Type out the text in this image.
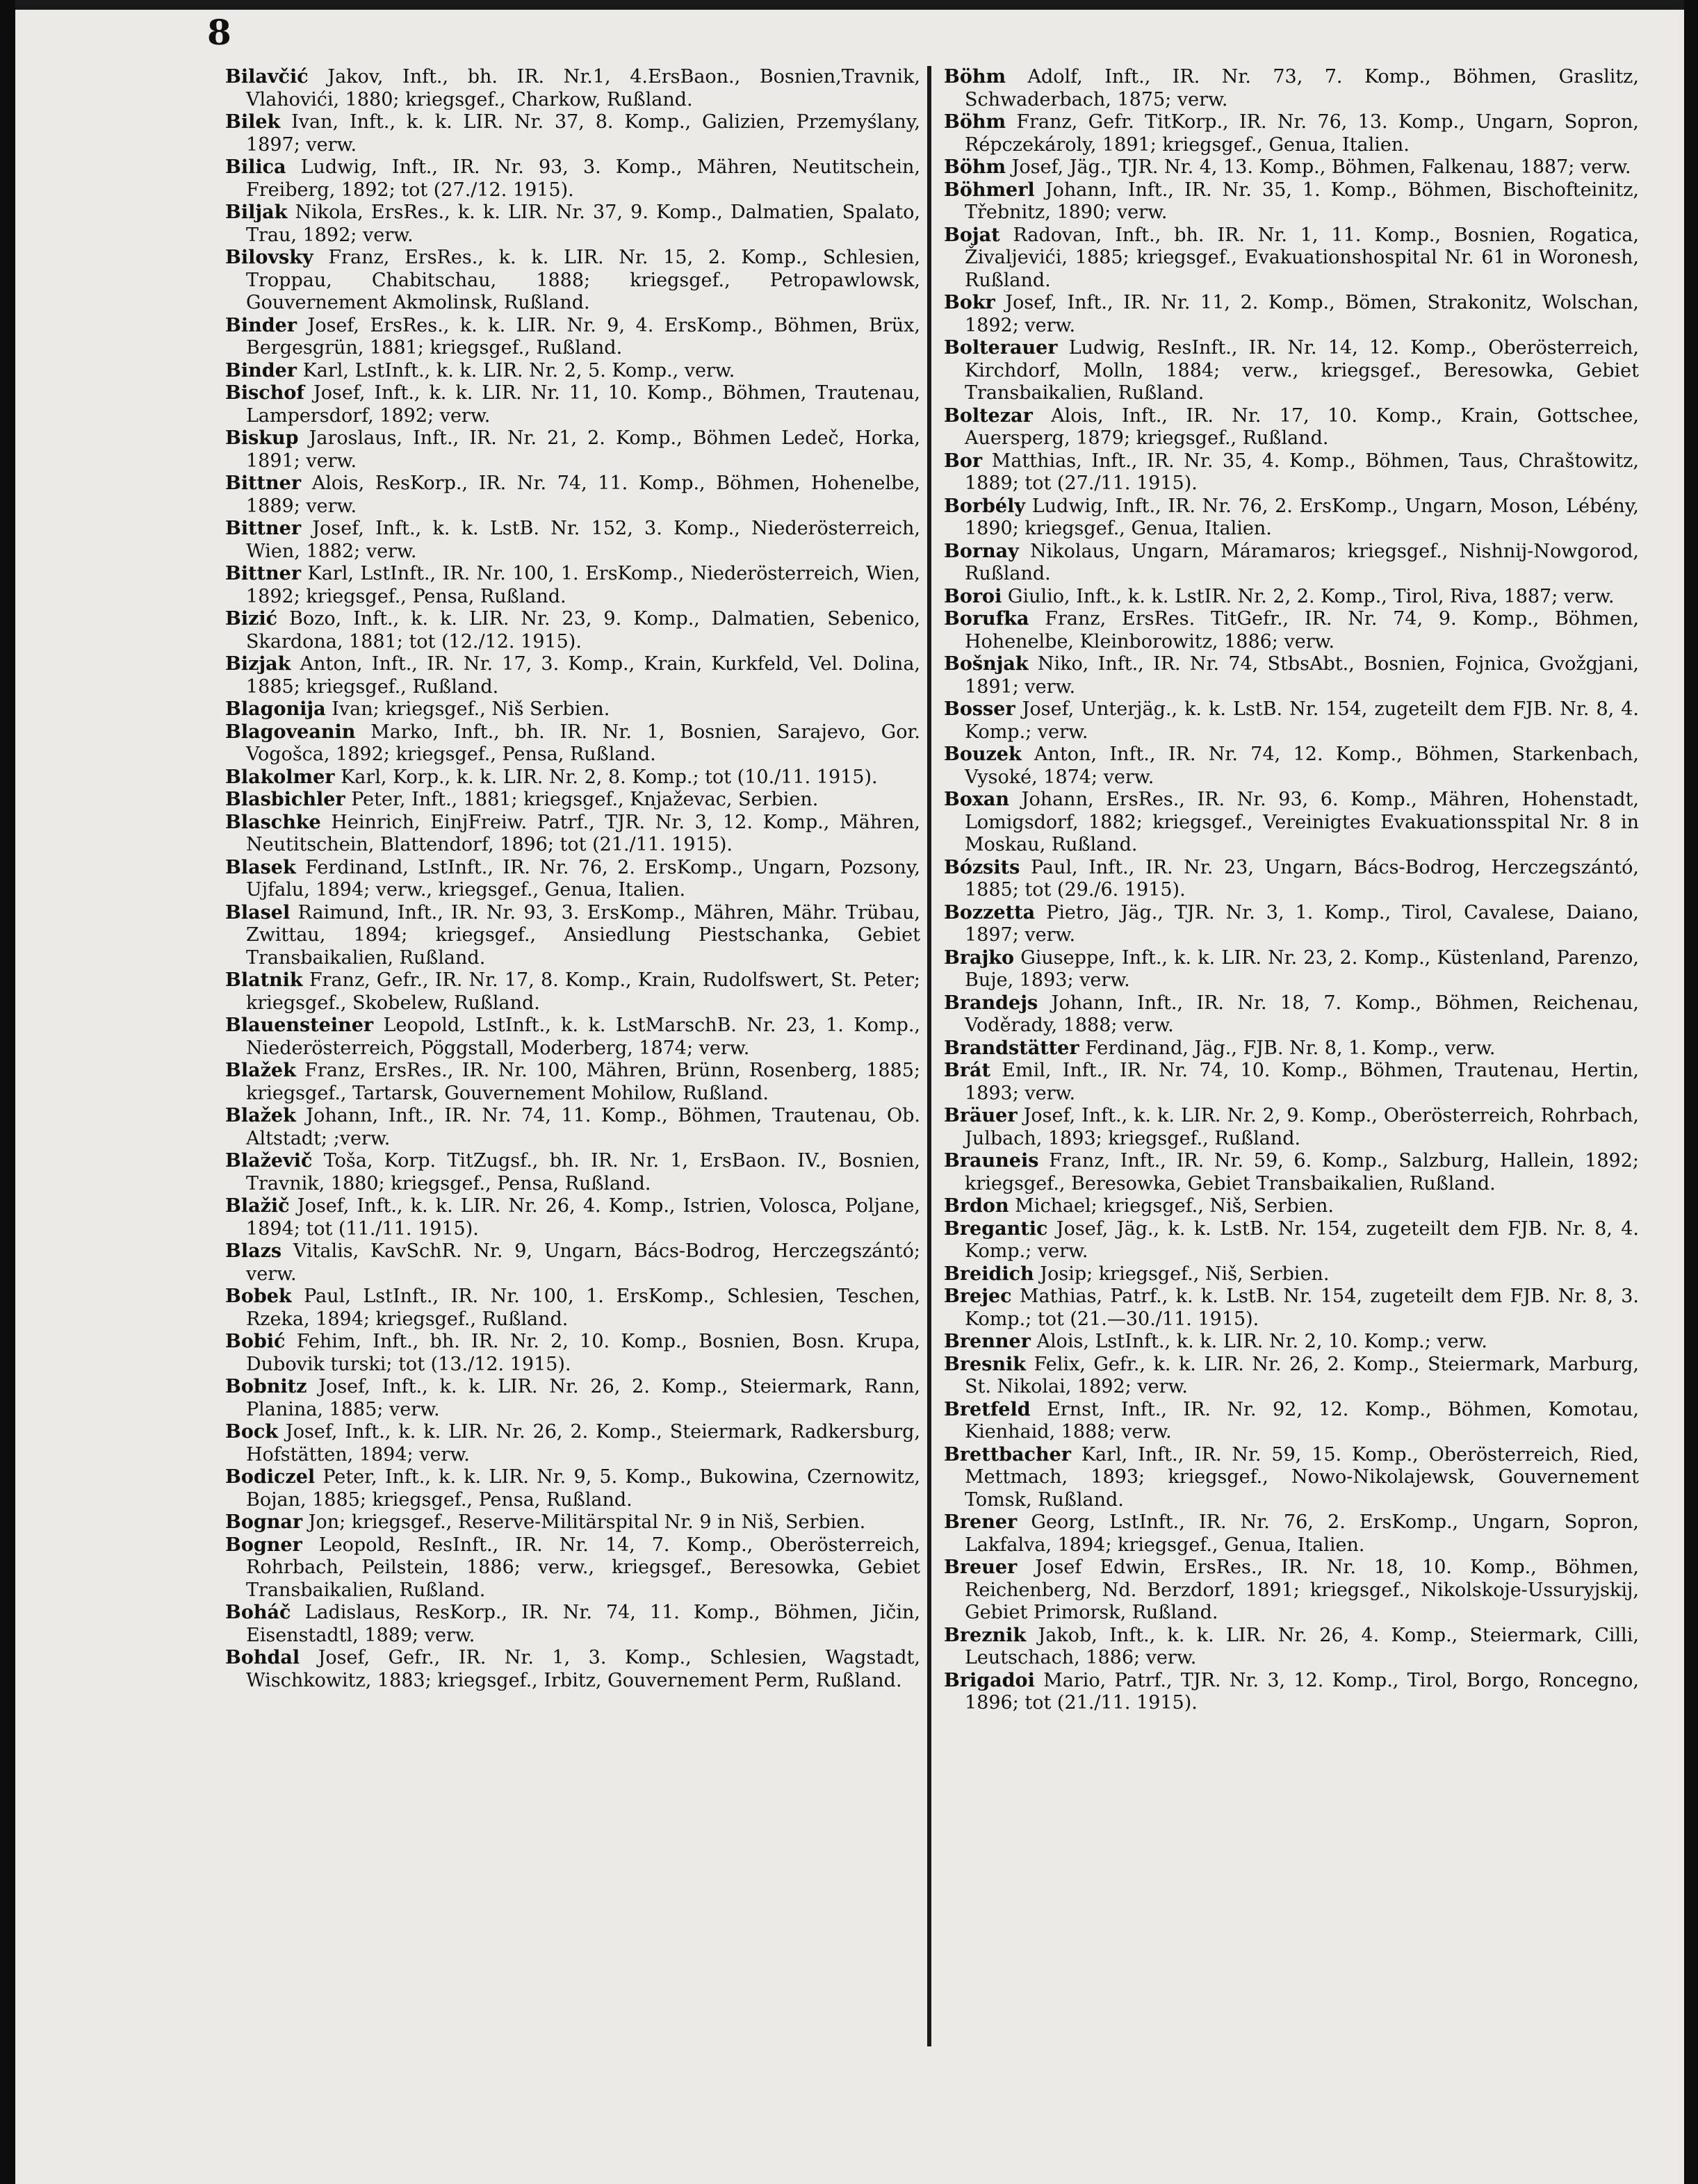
8

Bilavčić Jakov, Inft., bh. IR. Nr.1, 4.ErsBaon., Bosnien,Travnik, Vlahovići, 1880; kriegsgef., Charkow, Rußland.

Bilek Ivan, Inft., k. k. LIR. Nr. 37, 8. Komp., Galizien, Przemyślany, 1897; verw.

Bilica Ludwig, Inft., IR. Nr. 93, 3. Komp., Mähren, Neutitschein, Freiberg, 1892; tot (27./12. 1915).

Biljak Nikola, ErsRes., k. k. LIR. Nr. 37, 9. Komp., Dalmatien, Spalato, Trau, 1892; verw.

Bilovsky Franz, ErsRes., k. k. LIR. Nr. 15, 2. Komp., Schlesien, Troppau, Chabitschau, 1888; kriegsgef., Petropawlowsk, Gouvernement Akmolinsk, Rußland.

Binder Josef, ErsRes., k. k. LIR. Nr. 9, 4. ErsKomp., Böhmen, Brüx, Bergesgrün, 1881; kriegsgef., Rußland.

Binder Karl, LstInft., k. k. LIR. Nr. 2, 5. Komp., verw.

Bischof Josef, Inft., k. k. LIR. Nr. 11, 10. Komp., Böhmen, Trautenau, Lampersdorf, 1892; verw.

Biskup Jaroslaus, Inft., IR. Nr. 21, 2. Komp., Böhmen Ledeč, Horka, 1891; verw.

Bittner Alois, ResKorp., IR. Nr. 74, 11. Komp., Böhmen, Hohenelbe, 1889; verw.

Bittner Josef, Inft., k. k. LstB. Nr. 152, 3. Komp., Niederösterreich, Wien, 1882; verw.

Bittner Karl, LstInft., IR. Nr. 100, 1. ErsKomp., Niederösterreich, Wien, 1892; kriegsgef., Pensa, Rußland.

Bizić Bozo, Inft., k. k. LIR. Nr. 23, 9. Komp., Dalmatien, Sebenico, Skardona, 1881; tot (12./12. 1915).

Bizjak Anton, Inft., IR. Nr. 17, 3. Komp., Krain, Kurkfeld, Vel. Dolina, 1885; kriegsgef., Rußland.

Blagonija Ivan; kriegsgef., Niš Serbien.

Blagoveanin Marko, Inft., bh. IR. Nr. 1, Bosnien, Sarajevo, Gor. Vogošca, 1892; kriegsgef., Pensa, Rußland.

Blakolmer Karl, Korp., k. k. LIR. Nr. 2, 8. Komp.; tot (10./11. 1915).

Blasbichler Peter, Inft., 1881; kriegsgef., Knjaževac, Serbien.

Blaschke Heinrich, EinjFreiw. Patrf., TJR. Nr. 3, 12. Komp., Mähren, Neutitschein, Blattendorf, 1896; tot (21./11. 1915).

Blasek Ferdinand, LstInft., IR. Nr. 76, 2. ErsKomp., Ungarn, Pozsony, Ujfalu, 1894; verw., kriegsgef., Genua, Italien.

Blasel Raimund, Inft., IR. Nr. 93, 3. ErsKomp., Mähren, Mähr. Trübau, Zwittau, 1894; kriegsgef., Ansiedlung Piestschanka, Gebiet Transbaikalien, Rußland.

Blatnik Franz, Gefr., IR. Nr. 17, 8. Komp., Krain, Rudolfswert, St. Peter; kriegsgef., Skobelew, Rußland.

Blauensteiner Leopold, LstInft., k. k. LstMarschB. Nr. 23, 1. Komp., Niederösterreich, Pöggstall, Moderberg, 1874; verw.

Blažek Franz, ErsRes., IR. Nr. 100, Mähren, Brünn, Rosenberg, 1885; kriegsgef., Tartarsk, Gouvernement Mohilow, Rußland.

Blažek Johann, Inft., IR. Nr. 74, 11. Komp., Böhmen, Trautenau, Ob. Altstadt; ;verw.

Blaževič Toša, Korp. TitZugsf., bh. IR. Nr. 1, ErsBaon. IV., Bosnien, Travnik, 1880; kriegsgef., Pensa, Rußland.

Blažič Josef, Inft., k. k. LIR. Nr. 26, 4. Komp., Istrien, Volosca, Poljane, 1894; tot (11./11. 1915).

Blazs Vitalis, KavSchR. Nr. 9, Ungarn, Bács-Bodrog, Herczegszántó; verw.

Bobek Paul, LstInft., IR. Nr. 100, 1. ErsKomp., Schlesien, Teschen, Rzeka, 1894; kriegsgef., Rußland.

Bobić Fehim, Inft., bh. IR. Nr. 2, 10. Komp., Bosnien, Bosn. Krupa, Dubovik turski; tot (13./12. 1915).

Bobnitz Josef, Inft., k. k. LIR. Nr. 26, 2. Komp., Steiermark, Rann, Planina, 1885; verw.

Bock Josef, Inft., k. k. LIR. Nr. 26, 2. Komp., Steiermark, Radkersburg, Hofstätten, 1894; verw.

Bodiczel Peter, Inft., k. k. LIR. Nr. 9, 5. Komp., Bukowina, Czernowitz, Bojan, 1885; kriegsgef., Pensa, Rußland.

Bognar Jon; kriegsgef., Reserve-Militärspital Nr. 9 in Niš, Serbien.

Bogner Leopold, ResInft., IR. Nr. 14, 7. Komp., Oberösterreich, Rohrbach, Peilstein, 1886; verw., kriegsgef., Beresowka, Gebiet Transbaikalien, Rußland.

Boháč Ladislaus, ResKorp., IR. Nr. 74, 11. Komp., Böhmen, Jičin, Eisenstadtl, 1889; verw.

Bohdal Josef, Gefr., IR. Nr. 1, 3. Komp., Schlesien, Wagstadt, Wischkowitz, 1883; kriegsgef., Irbitz, Gouvernement Perm, Rußland.

Böhm Adolf, Inft., IR. Nr. 73, 7. Komp., Böhmen, Graslitz, Schwaderbach, 1875; verw.

Böhm Franz, Gefr. TitKorp., IR. Nr. 76, 13. Komp., Ungarn, Sopron, Répczekároly, 1891; kriegsgef., Genua, Italien.

Böhm Josef, Jäg., TJR. Nr. 4, 13. Komp., Böhmen, Falkenau, 1887; verw.

Böhmerl Johann, Inft., IR. Nr. 35, 1. Komp., Böhmen, Bischofteinitz, Třebnitz, 1890; verw.

Bojat Radovan, Inft., bh. IR. Nr. 1, 11. Komp., Bosnien, Rogatica, Živaljevići, 1885; kriegsgef., Evakuationshospital Nr. 61 in Woronesh, Rußland.

Bokr Josef, Inft., IR. Nr. 11, 2. Komp., Bömen, Strakonitz, Wolschan, 1892; verw.

Bolterauer Ludwig, ResInft., IR. Nr. 14, 12. Komp., Oberösterreich, Kirchdorf, Molln, 1884; verw., kriegsgef., Beresowka, Gebiet Transbaikalien, Rußland.

Boltezar Alois, Inft., IR. Nr. 17, 10. Komp., Krain, Gottschee, Auersperg, 1879; kriegsgef., Rußland.

Bor Matthias, Inft., IR. Nr. 35, 4. Komp., Böhmen, Taus, Chraštowitz, 1889; tot (27./11. 1915).

Borbély Ludwig, Inft., IR. Nr. 76, 2. ErsKomp., Ungarn, Moson, Lébény, 1890; kriegsgef., Genua, Italien.

Bornay Nikolaus, Ungarn, Máramaros; kriegsgef., Nishnij-Nowgorod, Rußland.

Boroi Giulio, Inft., k. k. LstIR. Nr. 2, 2. Komp., Tirol, Riva, 1887; verw.

Borufka Franz, ErsRes. TitGefr., IR. Nr. 74, 9. Komp., Böhmen, Hohenelbe, Kleinborowitz, 1886; verw.

Bošnjak Niko, Inft., IR. Nr. 74, StbsAbt., Bosnien, Fojnica, Gvožgjani, 1891; verw.

Bosser Josef, Unterjäg., k. k. LstB. Nr. 154, zugeteilt dem FJB. Nr. 8, 4. Komp.; verw.

Bouzek Anton, Inft., IR. Nr. 74, 12. Komp., Böhmen, Starkenbach, Vysoké, 1874; verw.

Boxan Johann, ErsRes., IR. Nr. 93, 6. Komp., Mähren, Hohenstadt, Lomigsdorf, 1882; kriegsgef., Vereinigtes Evakuationsspital Nr. 8 in Moskau, Rußland.

Bózsits Paul, Inft., IR. Nr. 23, Ungarn, Bács-Bodrog, Herczegszántó, 1885; tot (29./6. 1915).

Bozzetta Pietro, Jäg., TJR. Nr. 3, 1. Komp., Tirol, Cavalese, Daiano, 1897; verw.

Brajko Giuseppe, Inft., k. k. LIR. Nr. 23, 2. Komp., Küstenland, Parenzo, Buje, 1893; verw.

Brandejs Johann, Inft., IR. Nr. 18, 7. Komp., Böhmen, Reichenau, Voděrady, 1888; verw.

Brandstätter Ferdinand, Jäg., FJB. Nr. 8, 1. Komp., verw.

Brát Emil, Inft., IR. Nr. 74, 10. Komp., Böhmen, Trautenau, Hertin, 1893; verw.

Bräuer Josef, Inft., k. k. LIR. Nr. 2, 9. Komp., Oberösterreich, Rohrbach, Julbach, 1893; kriegsgef., Rußland.

Brauneis Franz, Inft., IR. Nr. 59, 6. Komp., Salzburg, Hallein, 1892; kriegsgef., Beresowka, Gebiet Transbaikalien, Rußland.

Brdon Michael; kriegsgef., Niš, Serbien.

Bregantic Josef, Jäg., k. k. LstB. Nr. 154, zugeteilt dem FJB. Nr. 8, 4. Komp.; verw.

Breidich Josip; kriegsgef., Niš, Serbien.

Brejec Mathias, Patrf., k. k. LstB. Nr. 154, zugeteilt dem FJB. Nr. 8, 3. Komp.; tot (21.—30./11. 1915).

Brenner Alois, LstInft., k. k. LIR. Nr. 2, 10. Komp.; verw.

Bresnik Felix, Gefr., k. k. LIR. Nr. 26, 2. Komp., Steiermark, Marburg, St. Nikolai, 1892; verw.

Bretfeld Ernst, Inft., IR. Nr. 92, 12. Komp., Böhmen, Komotau, Kienhaid, 1888; verw.

Brettbacher Karl, Inft., IR. Nr. 59, 15. Komp., Oberösterreich, Ried, Mettmach, 1893; kriegsgef., Nowo-Nikolajewsk, Gouvernement Tomsk, Rußland.

Brener Georg, LstInft., IR. Nr. 76, 2. ErsKomp., Ungarn, Sopron, Lakfalva, 1894; kriegsgef., Genua, Italien.

Breuer Josef Edwin, ErsRes., IR. Nr. 18, 10. Komp., Böhmen, Reichenberg, Nd. Berzdorf, 1891; kriegsgef., Nikolskoje-Ussuryjskij, Gebiet Primorsk, Rußland.

Breznik Jakob, Inft., k. k. LIR. Nr. 26, 4. Komp., Steiermark, Cilli, Leutschach, 1886; verw.

Brigadoi Mario, Patrf., TJR. Nr. 3, 12. Komp., Tirol, Borgo, Roncegno, 1896; tot (21./11. 1915).
